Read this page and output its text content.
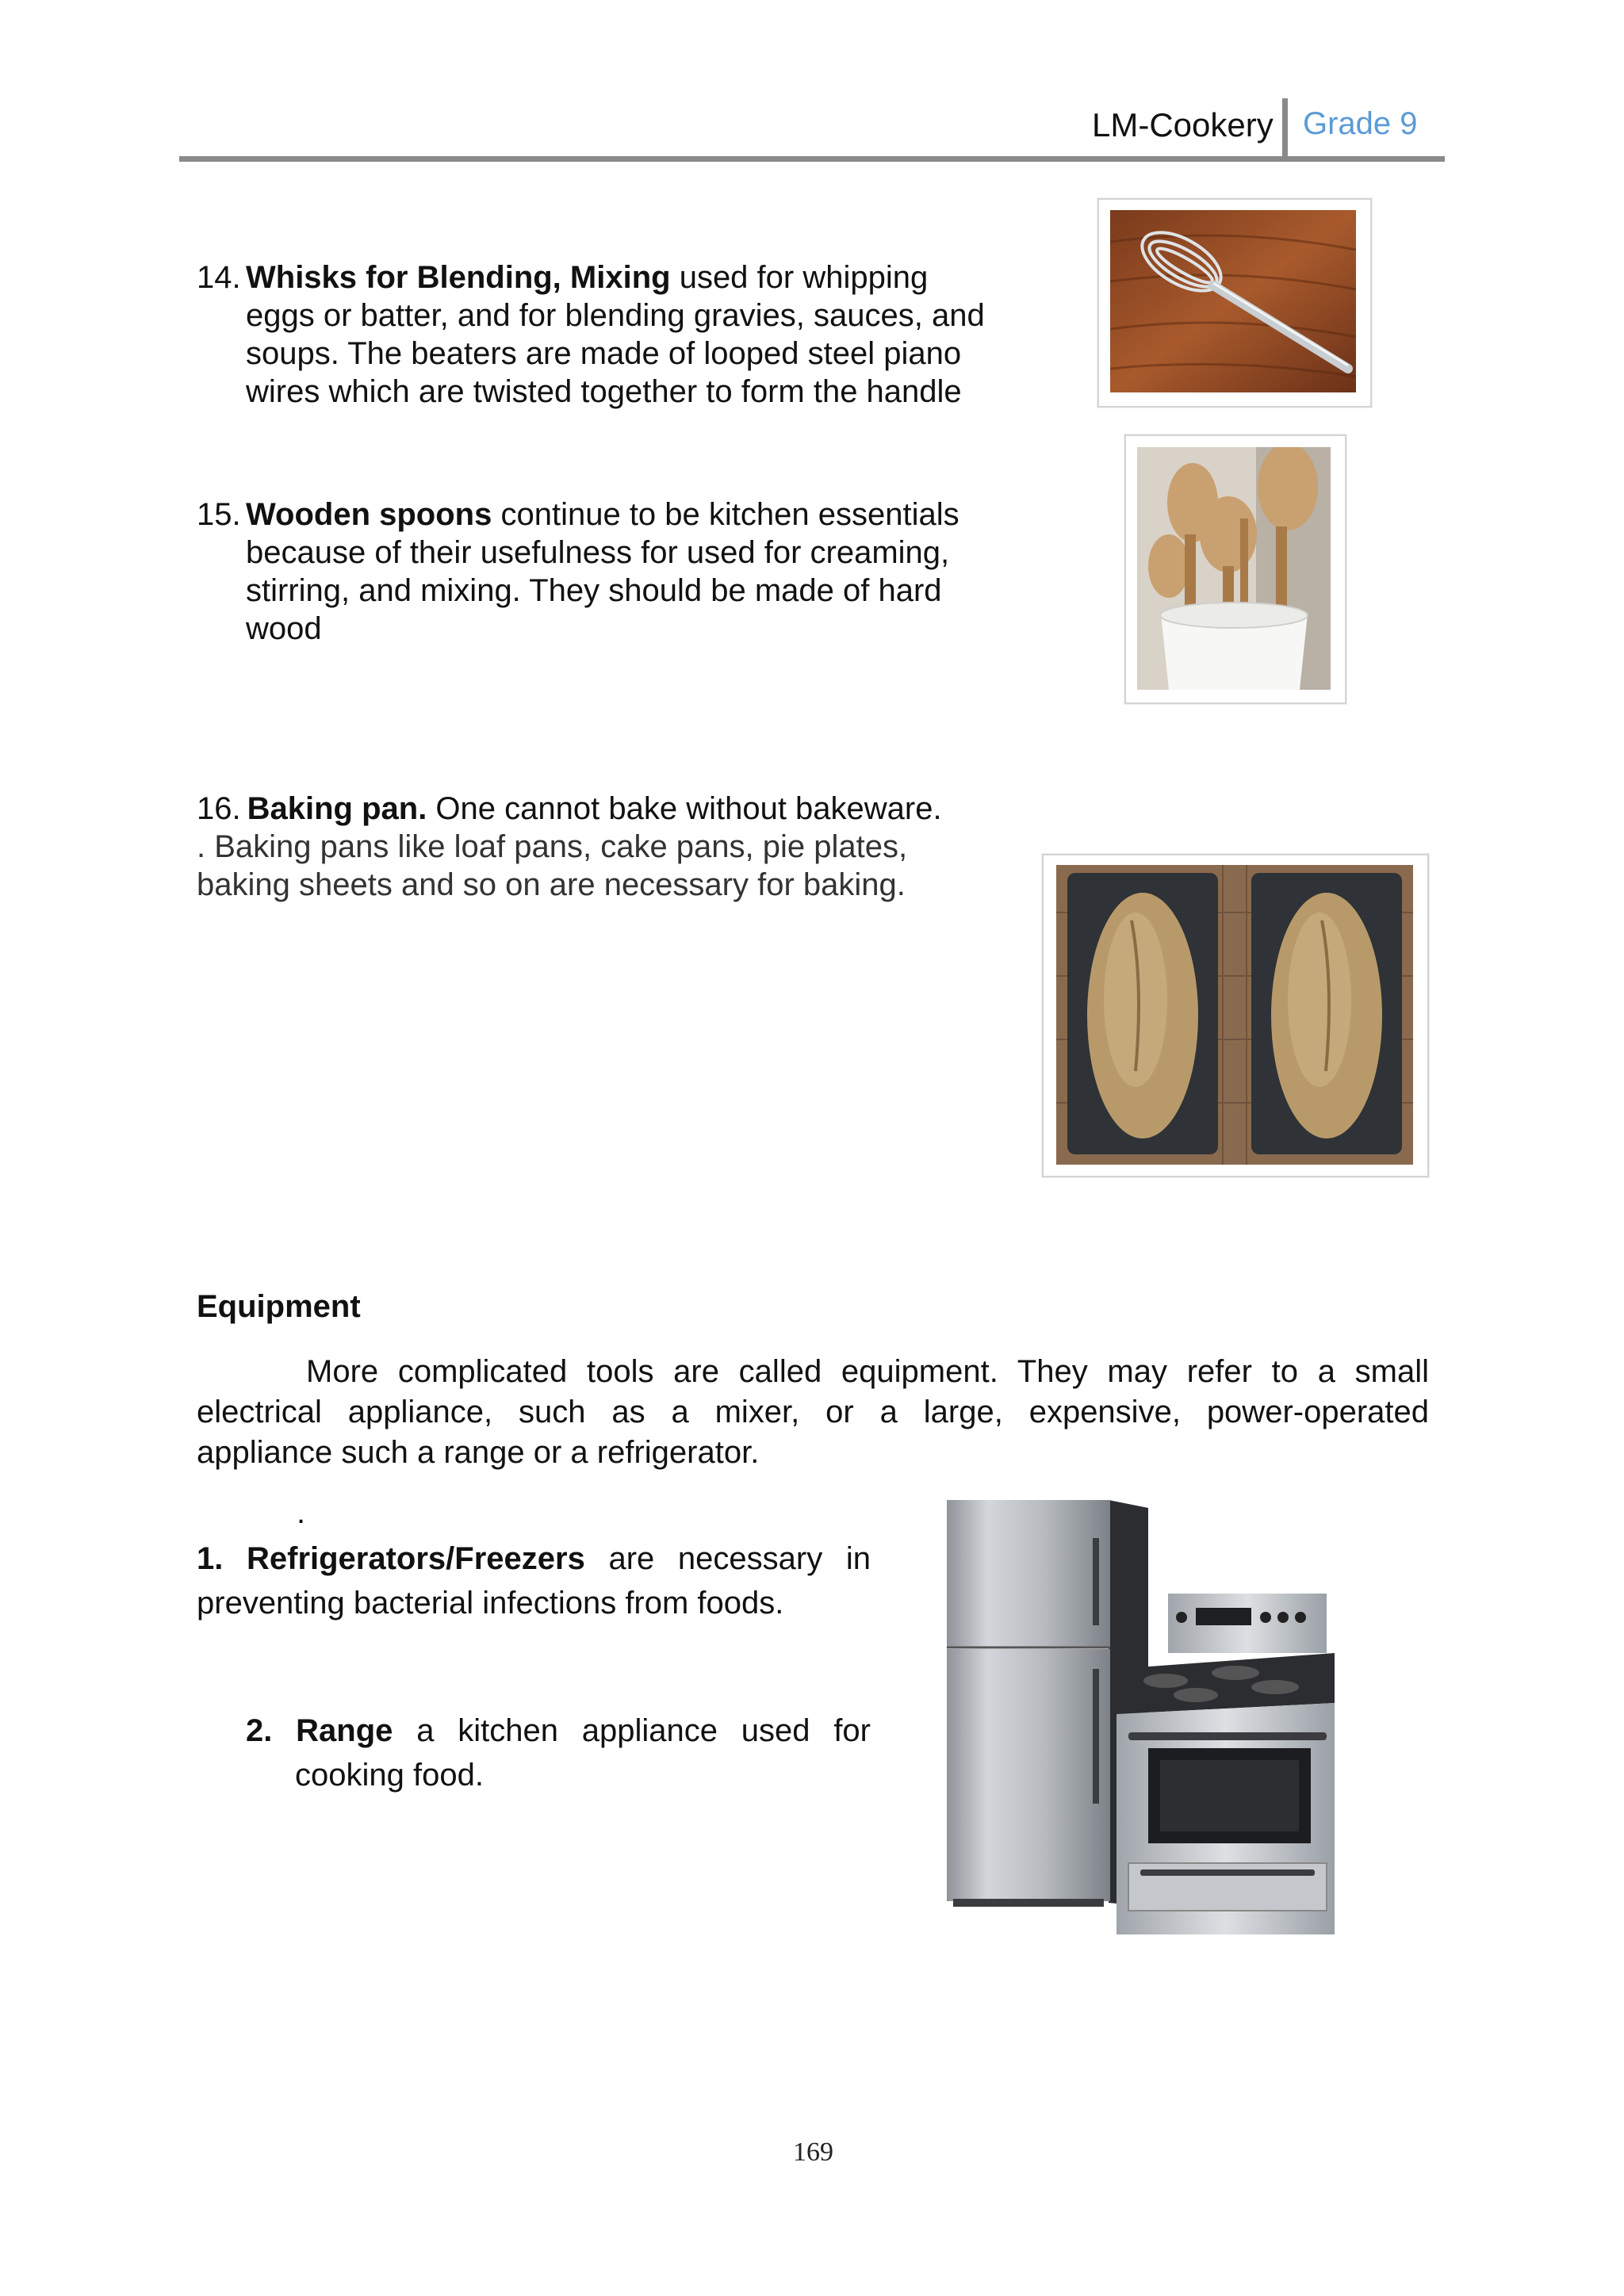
LM-Cookery Grade 9
14. Whisks for Blending, Mixing used for whipping
eggs or batter, and for blending gravies, sauces, and
soups. The beaters are made of looped steel piano
wires which are twisted together to form the handle
15. Wooden spoons continue to be kitchen essentials
because of their usefulness for used for creaming,
stirring, and mixing. They should be made of hard
wood
16. Baking pan. One cannot bake without bakeware.
. Baking pans like loaf pans, cake pans, pie plates,
baking sheets and so on are necessary for baking.
Equipment
More complicated tools are called equipment. They may refer to a small
electrical appliance, such as a mixer, or a large, expensive, power-operated
appliance such a range or a refrigerator.
.
1. Refrigerators/Freezers are necessary in
preventing bacterial infections from foods.
2. Range a kitchen appliance used for
cooking food.
169
